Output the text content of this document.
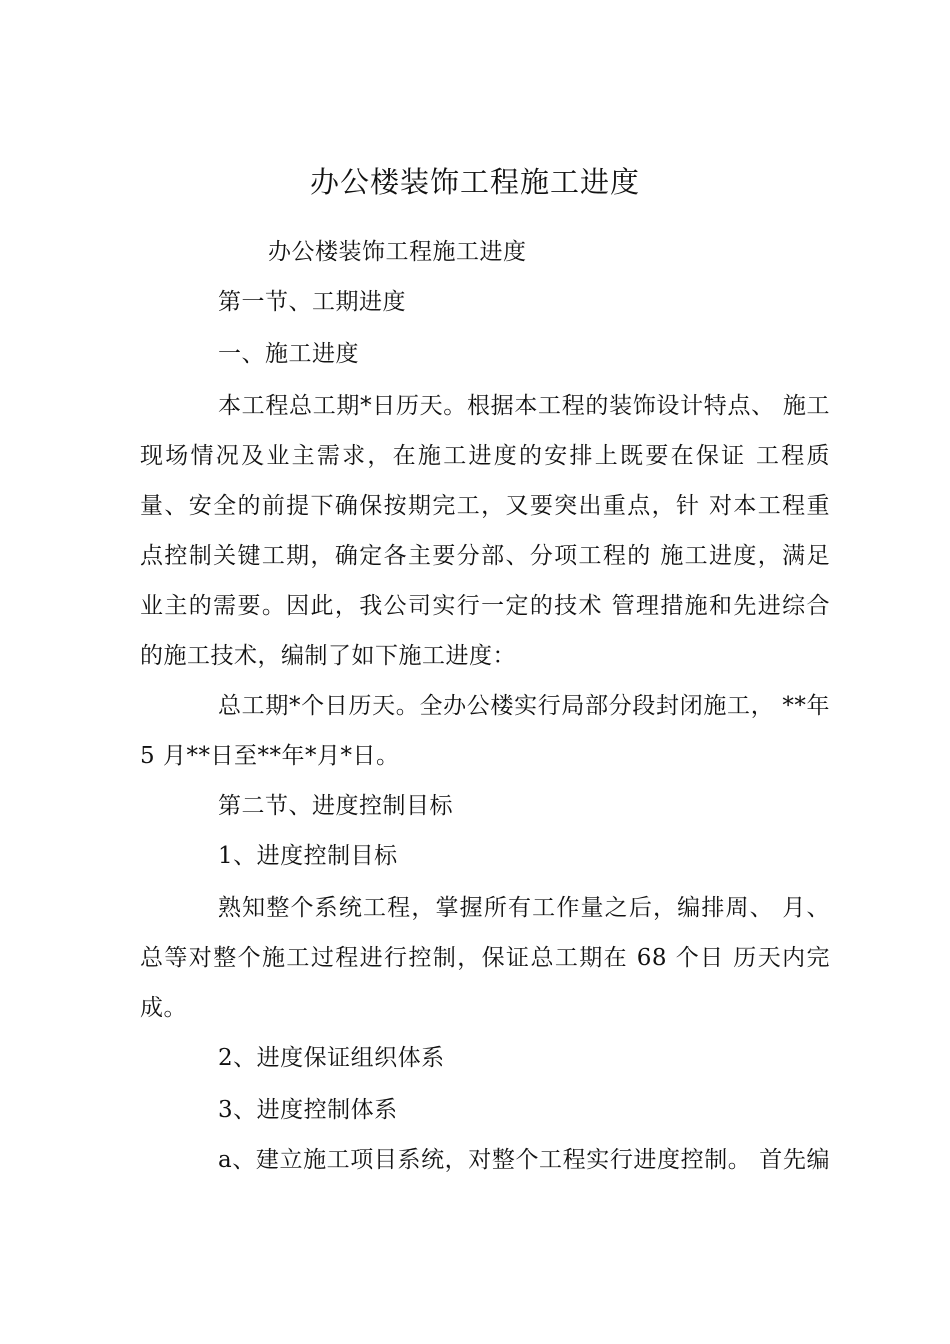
办公楼装饰工程施工进度
办公楼装饰工程施工进度
第一节、工期进度
一、施工进度
本工程总工期*日历天。根据本工程的装饰设计特点、 施工
现场情况及业主需求，在施工进度的安排上既要在保证 工程质
量、安全的前提下确保按期完工，又要突出重点，针 对本工程重
点控制关键工期，确定各主要分部、分项工程的 施工进度，满足
业主的需要。因此，我公司实行一定的技术 管理措施和先进综合
的施工技术，编制了如下施工进度：
总工期*个日历天。全办公楼实行局部分段封闭施工， **年
5 月**日至**年*月*日。
第二节、进度控制目标
1、进度控制目标
熟知整个系统工程，掌握所有工作量之后，编排周、 月、
总等对整个施工过程进行控制，保证总工期在 68 个日 历天内完
成。
2、进度保证组织体系
3、进度控制体系
a、建立施工项目系统，对整个工程实行进度控制。 首先编
